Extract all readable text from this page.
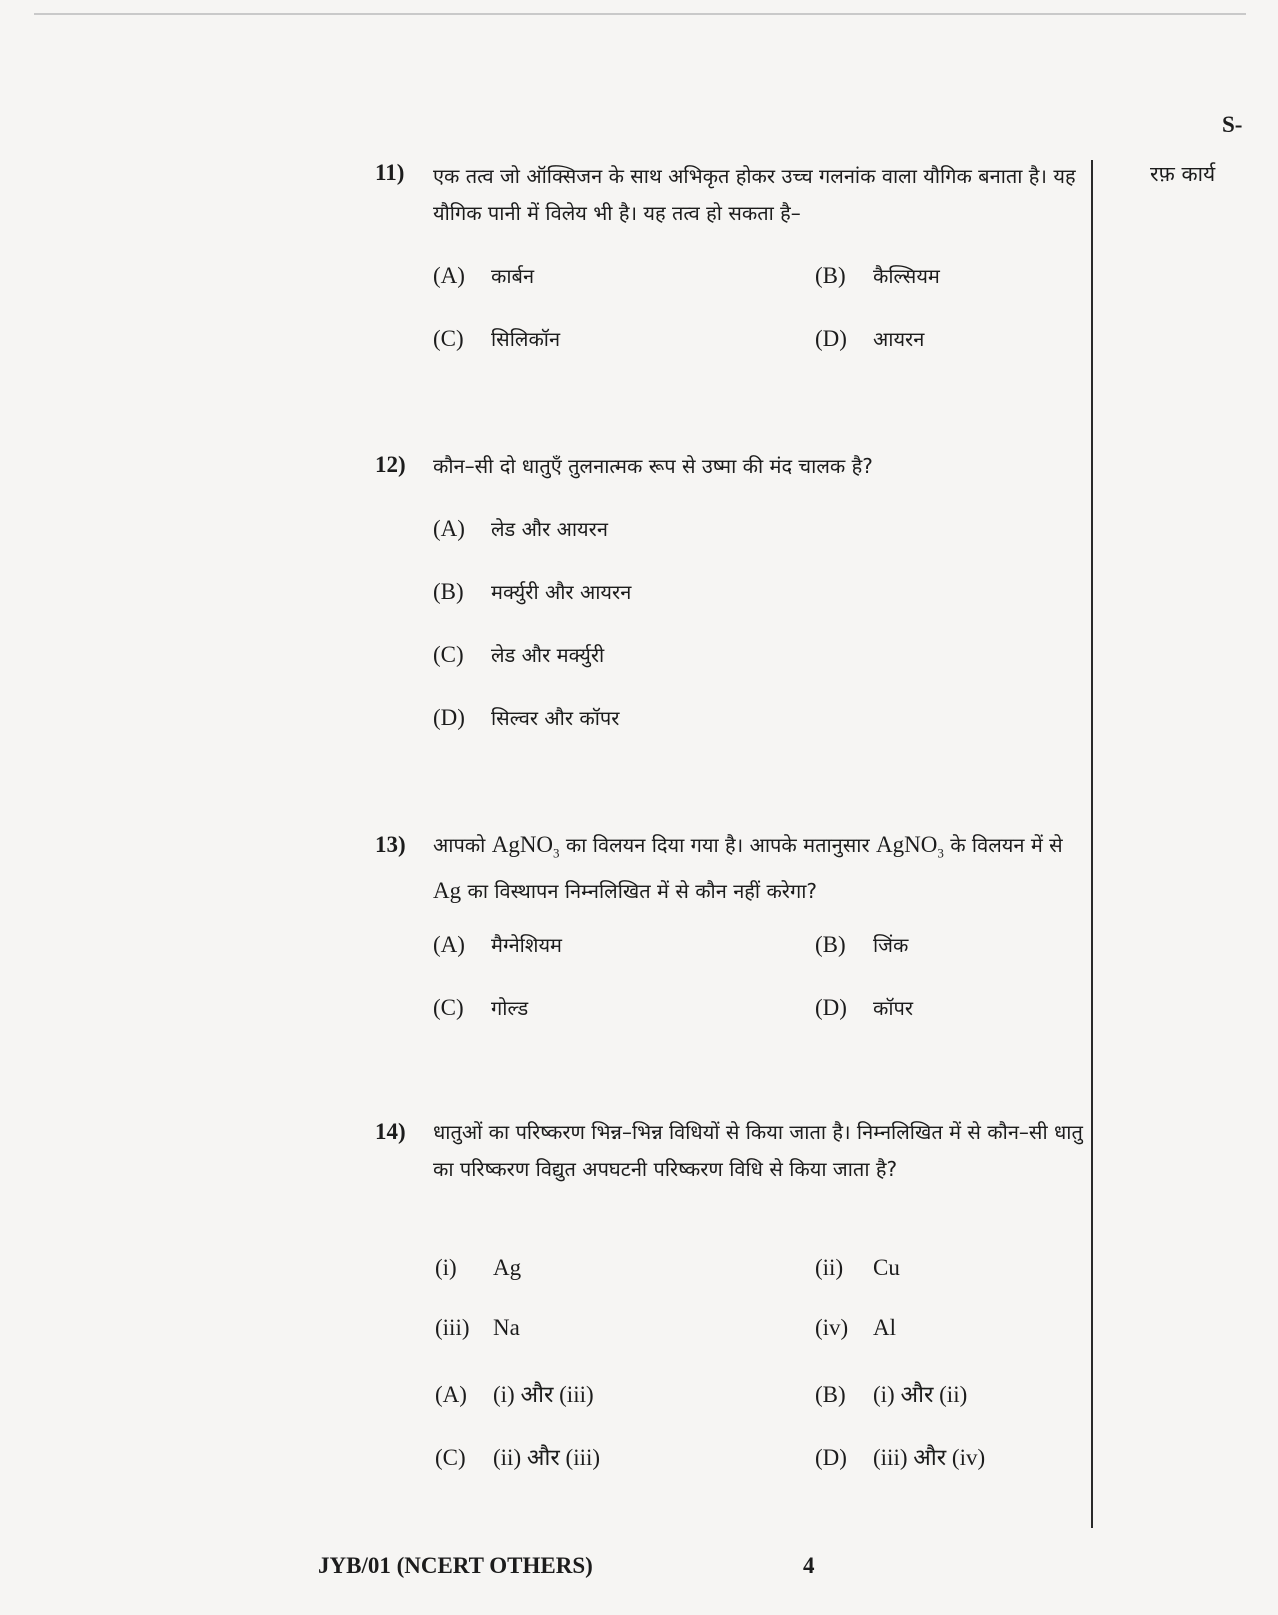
S-
रफ़ कार्य
11) एक तत्व जो ऑक्सिजन के साथ अभिकृत होकर उच्च गलनांक वाला यौगिक बनाता है। यह यौगिक पानी में विलेय भी है। यह तत्व हो सकता है–
(A) कार्बन	(B) कैल्सियम
(C) सिलिकॉन	(D) आयरन
12) कौन–सी दो धातुएँ तुलनात्मक रूप से उष्मा की मंद चालक है?
(A) लेड और आयरन
(B) मर्क्युरी और आयरन
(C) लेड और मर्क्युरी
(D) सिल्वर और कॉपर
13) आपको AgNO$_3$ का विलयन दिया गया है। आपके मतानुसार AgNO$_3$ के विलयन में से Ag का विस्थापन निम्नलिखित में से कौन नहीं करेगा?
(A) मैग्नेशियम	(B) जिंक
(C) गोल्ड	(D) कॉपर
14) धातुओं का परिष्करण भिन्न–भिन्न विधियों से किया जाता है। निम्नलिखित में से कौन–सी धातु का परिष्करण विद्युत अपघटनी परिष्करण विधि से किया जाता है?
(i) Ag	(ii) Cu
(iii) Na	(iv) Al
(A) (i) और (iii)	(B) (i) और (ii)
(C) (ii) और (iii)	(D) (iii) और (iv)
JYB/01 (NCERT OTHERS)	4
